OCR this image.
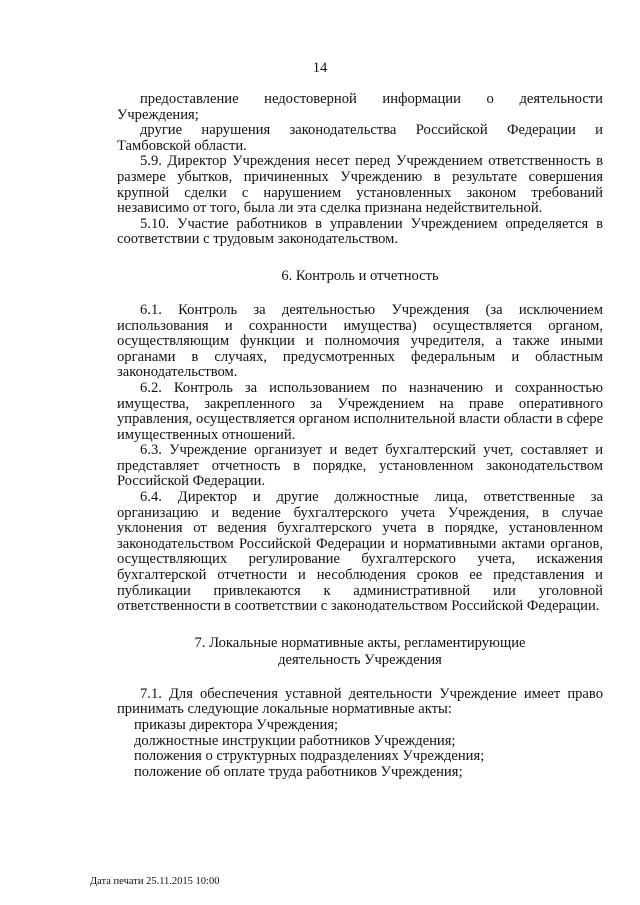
14
предоставление недостоверной информации о деятельности
Учреждения;
другие нарушения законодательства Российской Федерации и
Тамбовской области.
5.9. Директор Учреждения несет перед Учреждением ответственность в
размере убытков, причиненных Учреждению в результате совершения
крупной сделки с нарушением установленных законом требований
независимо от того, была ли эта сделка признана недействительной.
5.10. Участие работников в управлении Учреждением определяется в
соответствии с трудовым законодательством.
6. Контроль и отчетность
6.1. Контроль за деятельностью Учреждения (за исключением
использования и сохранности имущества) осуществляется органом,
осуществляющим функции и полномочия учредителя, а также иными
органами в случаях, предусмотренных федеральным и областным
законодательством.
6.2. Контроль за использованием по назначению и сохранностью
имущества, закрепленного за Учреждением на праве оперативного
управления, осуществляется органом исполнительной власти области в сфере
имущественных отношений.
6.3. Учреждение организует и ведет бухгалтерский учет, составляет и
представляет отчетность в порядке, установленном законодательством
Российской Федерации.
6.4. Директор и другие должностные лица, ответственные за
организацию и ведение бухгалтерского учета Учреждения, в случае
уклонения от ведения бухгалтерского учета в порядке, установленном
законодательством Российской Федерации и нормативными актами органов,
осуществляющих регулирование бухгалтерского учета, искажения
бухгалтерской отчетности и несоблюдения сроков ее представления и
публикации привлекаются к административной или уголовной
ответственности в соответствии с законодательством Российской Федерации.
7. Локальные нормативные акты, регламентирующие
деятельность Учреждения
7.1. Для обеспечения уставной деятельности Учреждение имеет право
принимать следующие локальные нормативные акты:
приказы директора Учреждения;
должностные инструкции работников Учреждения;
положения о структурных подразделениях Учреждения;
положение об оплате труда работников Учреждения;
Дата печати 25.11.2015 10:00
